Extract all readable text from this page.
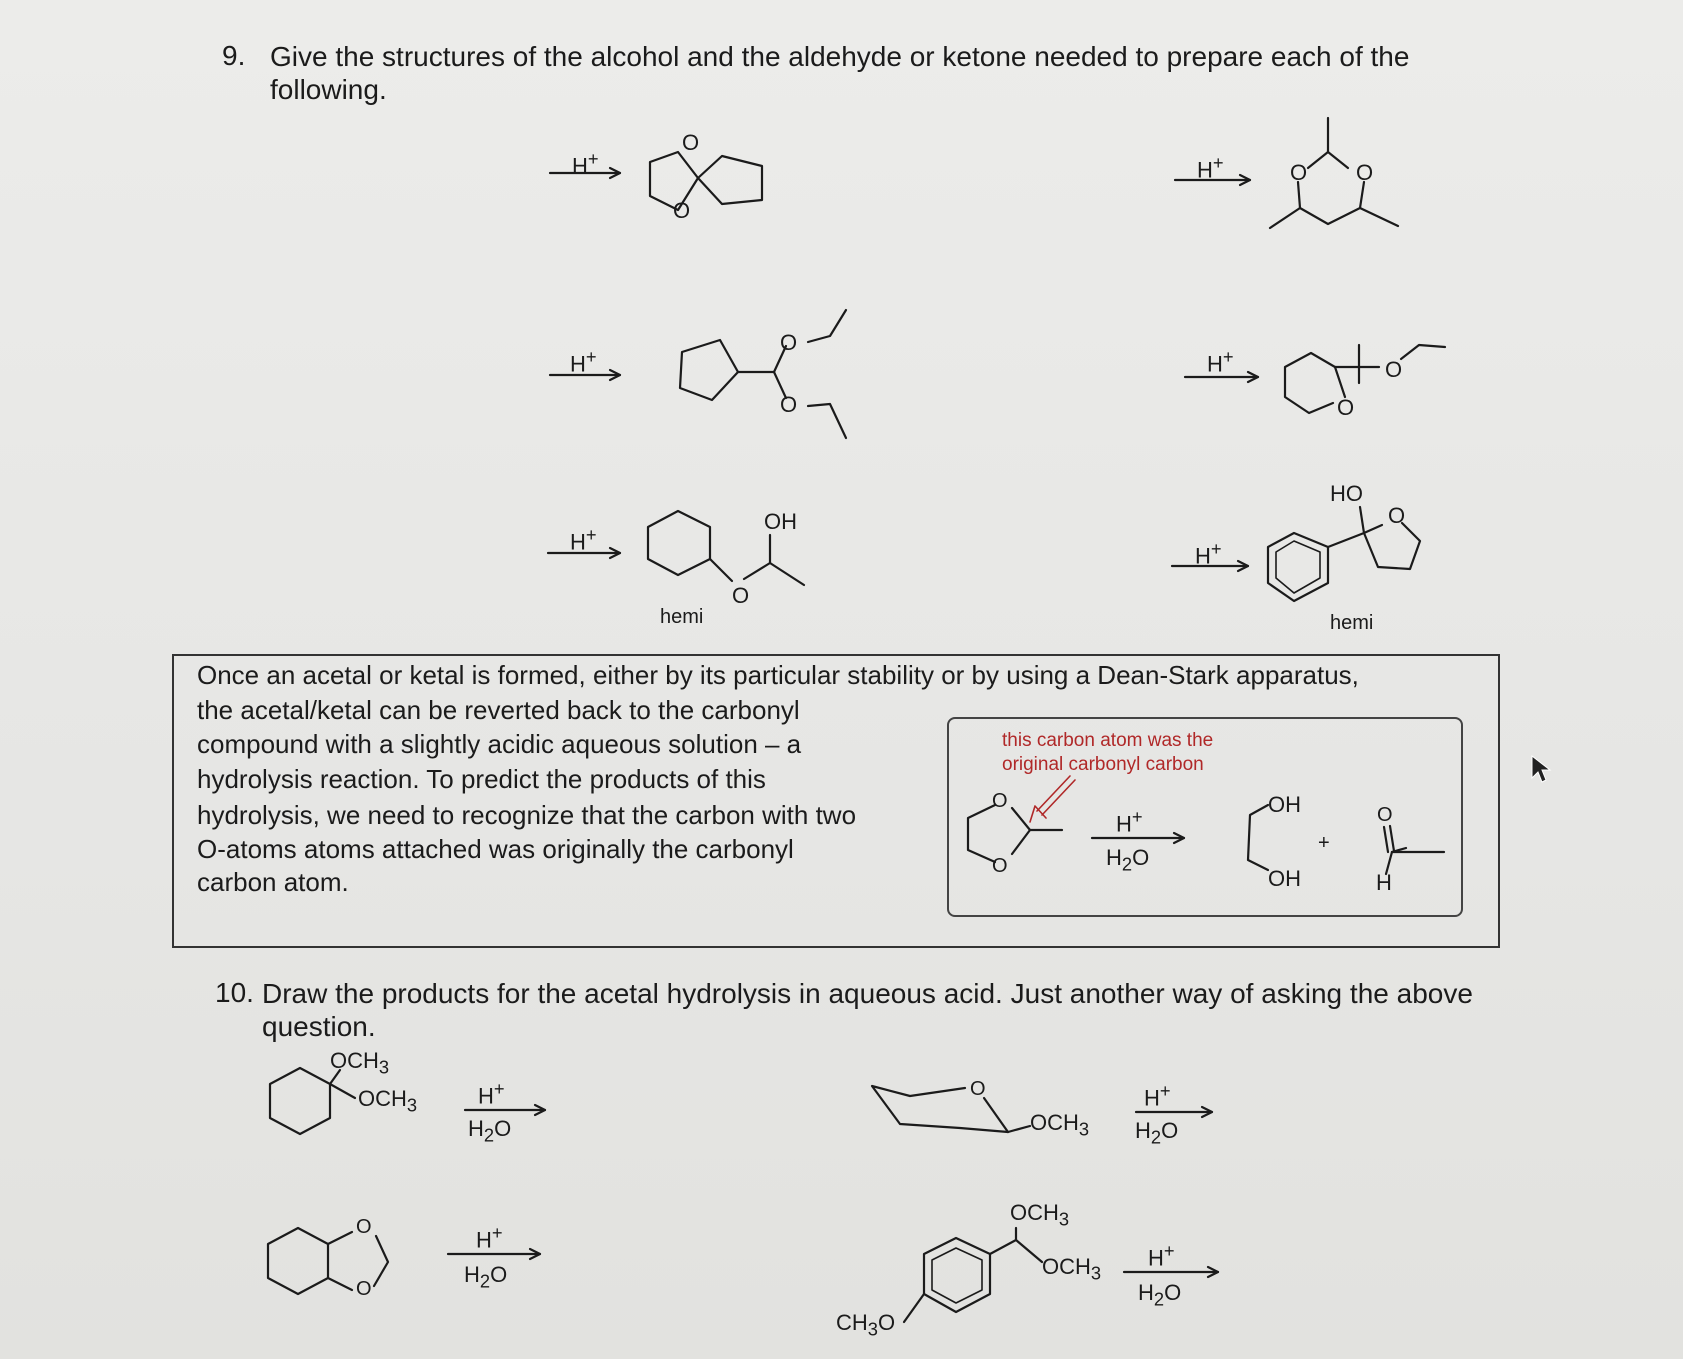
9. Give the structures of the alcohol and the aldehyde or ketone needed to prepare each of the
following.
H+
O
O
H+	O O
H+
O
O
H+
O
O
H+
O
OH
hemi
H+
HO
O
hemi
Once an acetal or ketal is formed, either by its particular stability or by using a Dean-Stark apparatus,
the acetal/ketal can be reverted back to the carbonyl
compound with a slightly acidic aqueous solution – a
hydrolysis reaction. To predict the products of this
hydrolysis, we need to recognize that the carbon with two
O-atoms atoms attached was originally the carbonyl
carbon atom.
this carbon atom was the
original carbonyl carbon
O
O
H+
$H_2O$
OH
OH
+
O
H
10. Draw the products for the acetal hydrolysis in aqueous acid. Just another way of asking the above
question.
$OCH_3$
$OCH_3$	H+
$H_2O$
O
$OCH_3$
H+
$H_2O$
O
O
H+
$H_2O$
$OCH_3$
$OCH_3$
$CH_3O$
H+
$H_2O$
